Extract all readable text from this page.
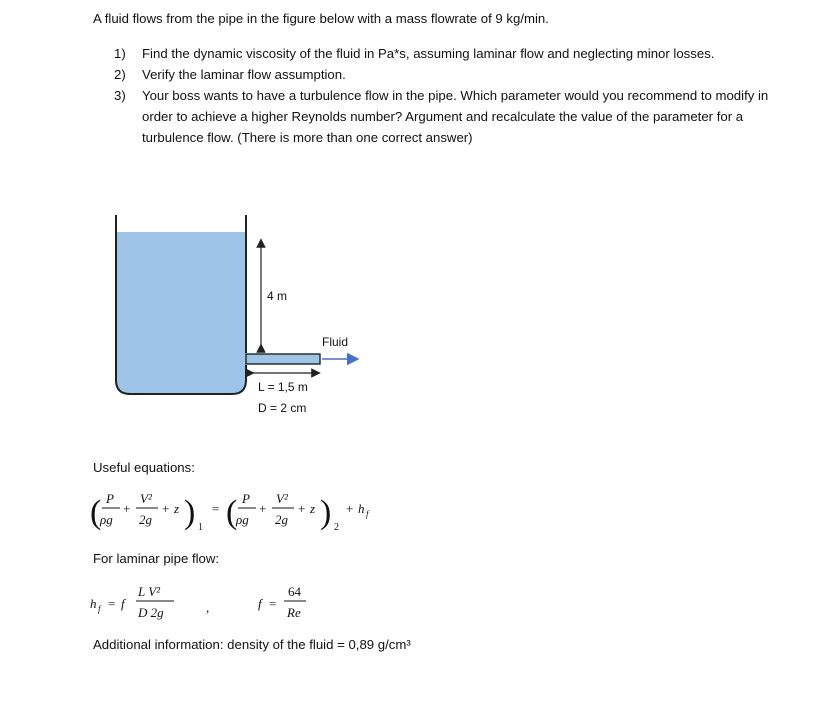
A fluid flows from the pipe in the figure below with a mass flowrate of 9 kg/min.
1)	Find the dynamic viscosity of the fluid in Pa*s, assuming laminar flow and neglecting minor losses.
2)	Verify the laminar flow assumption.
3)	Your boss wants to have a turbulence flow in the pipe. Which parameter would you recommend to modify in order to achieve a higher Reynolds number? Argument and recalculate the value of the parameter for a turbulence flow. (There is more than one correct answer)
4 m
Fluid
L = 1,5 m
D = 2 cm
Useful equations:
( P
ρg
+
V²
2g
+ z ) 1
= ( P
ρg
+
V²
2g
+ z ) 2
+ h f
For laminar pipe flow:
h f = f
L V²
D 2g	,	f =
64
Re
Additional information: density of the fluid = 0,89 g/cm³
